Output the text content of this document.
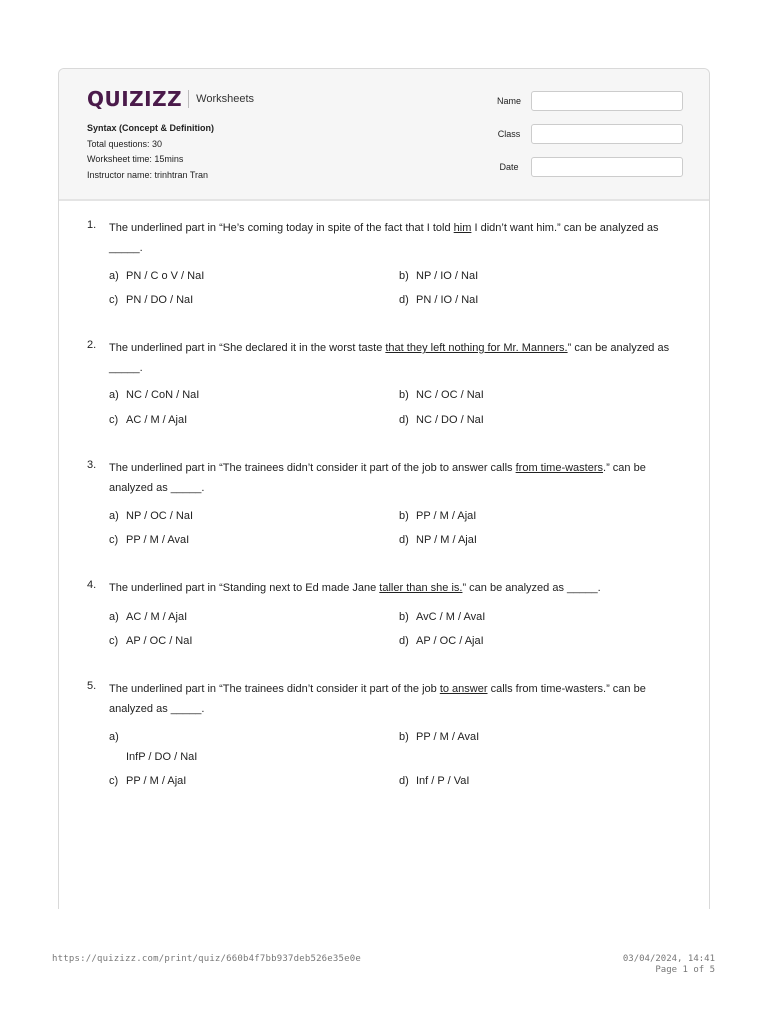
QUIZIZZ Worksheets
Syntax (Concept & Definition)
Total questions: 30
Worksheet time: 15mins
Instructor name: trinhtran Tran
Name
Class
Date
1.	The underlined part in “He’s coming today in spite of the fact that I told him I didn’t want him.” can be analyzed as _____.
a) PN / C o V / NaI	b) NP / IO / NaI
c) PN / DO / NaI	d) PN / IO / NaI
2.	The underlined part in “She declared it in the worst taste that they left nothing for Mr. Manners.” can be analyzed as _____.
a) NC / CoN / NaI	b) NC / OC / NaI
c) AC / M / AjaI	d) NC / DO / NaI
3.	The underlined part in “The trainees didn’t consider it part of the job to answer calls from time-wasters.” can be analyzed as _____.
a) NP / OC / NaI	b) PP / M / AjaI
c) PP / M / AvaI	d) NP / M / AjaI
4.	The underlined part in “Standing next to Ed made Jane taller than she is.” can be analyzed as _____.
a) AC / M / AjaI	b) AvC / M / AvaI
c) AP / OC / NaI	d) AP / OC / AjaI
5.	The underlined part in “The trainees didn’t consider it part of the job to answer calls from time-wasters.” can be analyzed as _____.
a)
InfP / DO / NaI
b) PP / M / AvaI
c) PP / M / AjaI	d) Inf / P / VaI
https://quizizz.com/print/quiz/660b4f7bb937deb526e35e0e	03/04/2024, 14:41
Page 1 of 5
